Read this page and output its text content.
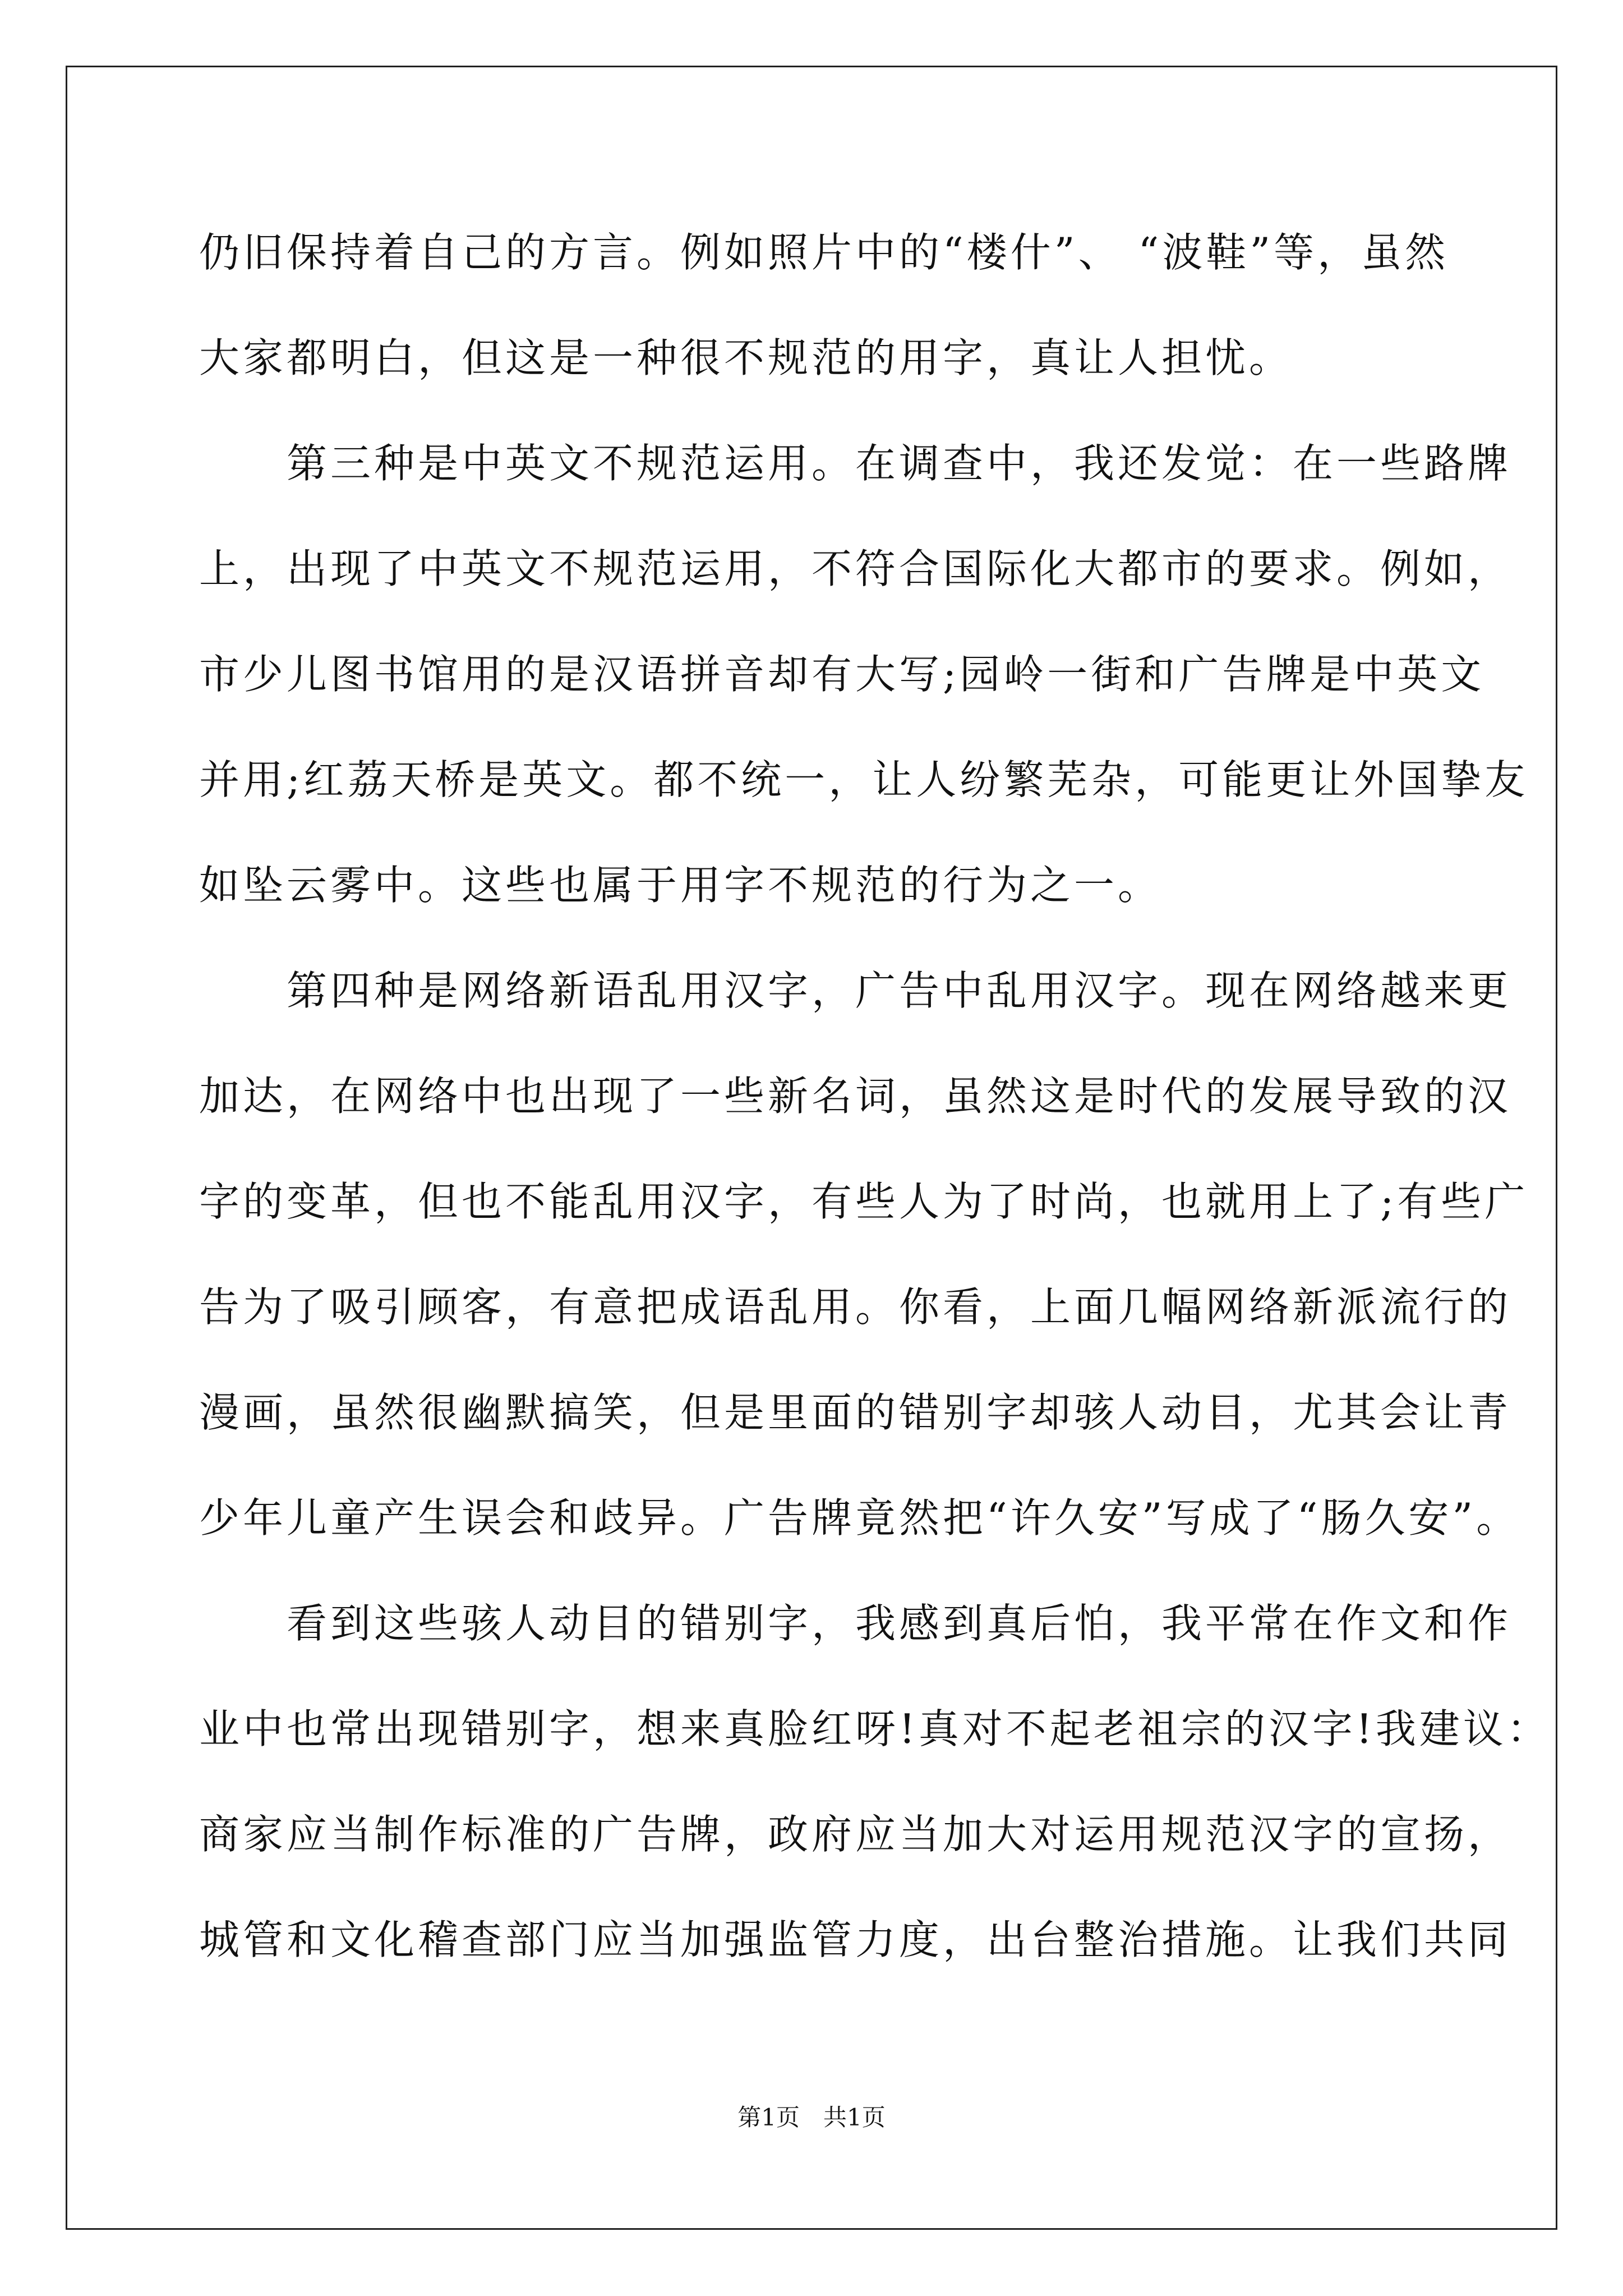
仍旧保持着自己的方言。例如照片中的“楼什”、 “波鞋”等，虽然
大家都明白，但这是一种很不规范的用字，真让人担忧。
　　第三种是中英文不规范运用。在调查中，我还发觉：在一些路牌
上，出现了中英文不规范运用，不符合国际化大都市的要求。例如，
市少儿图书馆用的是汉语拼音却有大写;园岭一街和广告牌是中英文
并用;红荔天桥是英文。都不统一，让人纷繁芜杂，可能更让外国挚友
如坠云雾中。这些也属于用字不规范的行为之一。
　　第四种是网络新语乱用汉字，广告中乱用汉字。现在网络越来更
加达，在网络中也出现了一些新名词，虽然这是时代的发展导致的汉
字的变革，但也不能乱用汉字，有些人为了时尚，也就用上了;有些广
告为了吸引顾客，有意把成语乱用。你看，上面几幅网络新派流行的
漫画，虽然很幽默搞笑，但是里面的错别字却骇人动目，尤其会让青
少年儿童产生误会和歧异。广告牌竟然把“许久安”写成了“肠久安”。
　　看到这些骇人动目的错别字，我感到真后怕，我平常在作文和作
业中也常出现错别字，想来真脸红呀!真对不起老祖宗的汉字!我建议：
商家应当制作标准的广告牌，政府应当加大对运用规范汉字的宣扬，
城管和文化稽查部门应当加强监管力度，出台整治措施。让我们共同
第1页　共1页
